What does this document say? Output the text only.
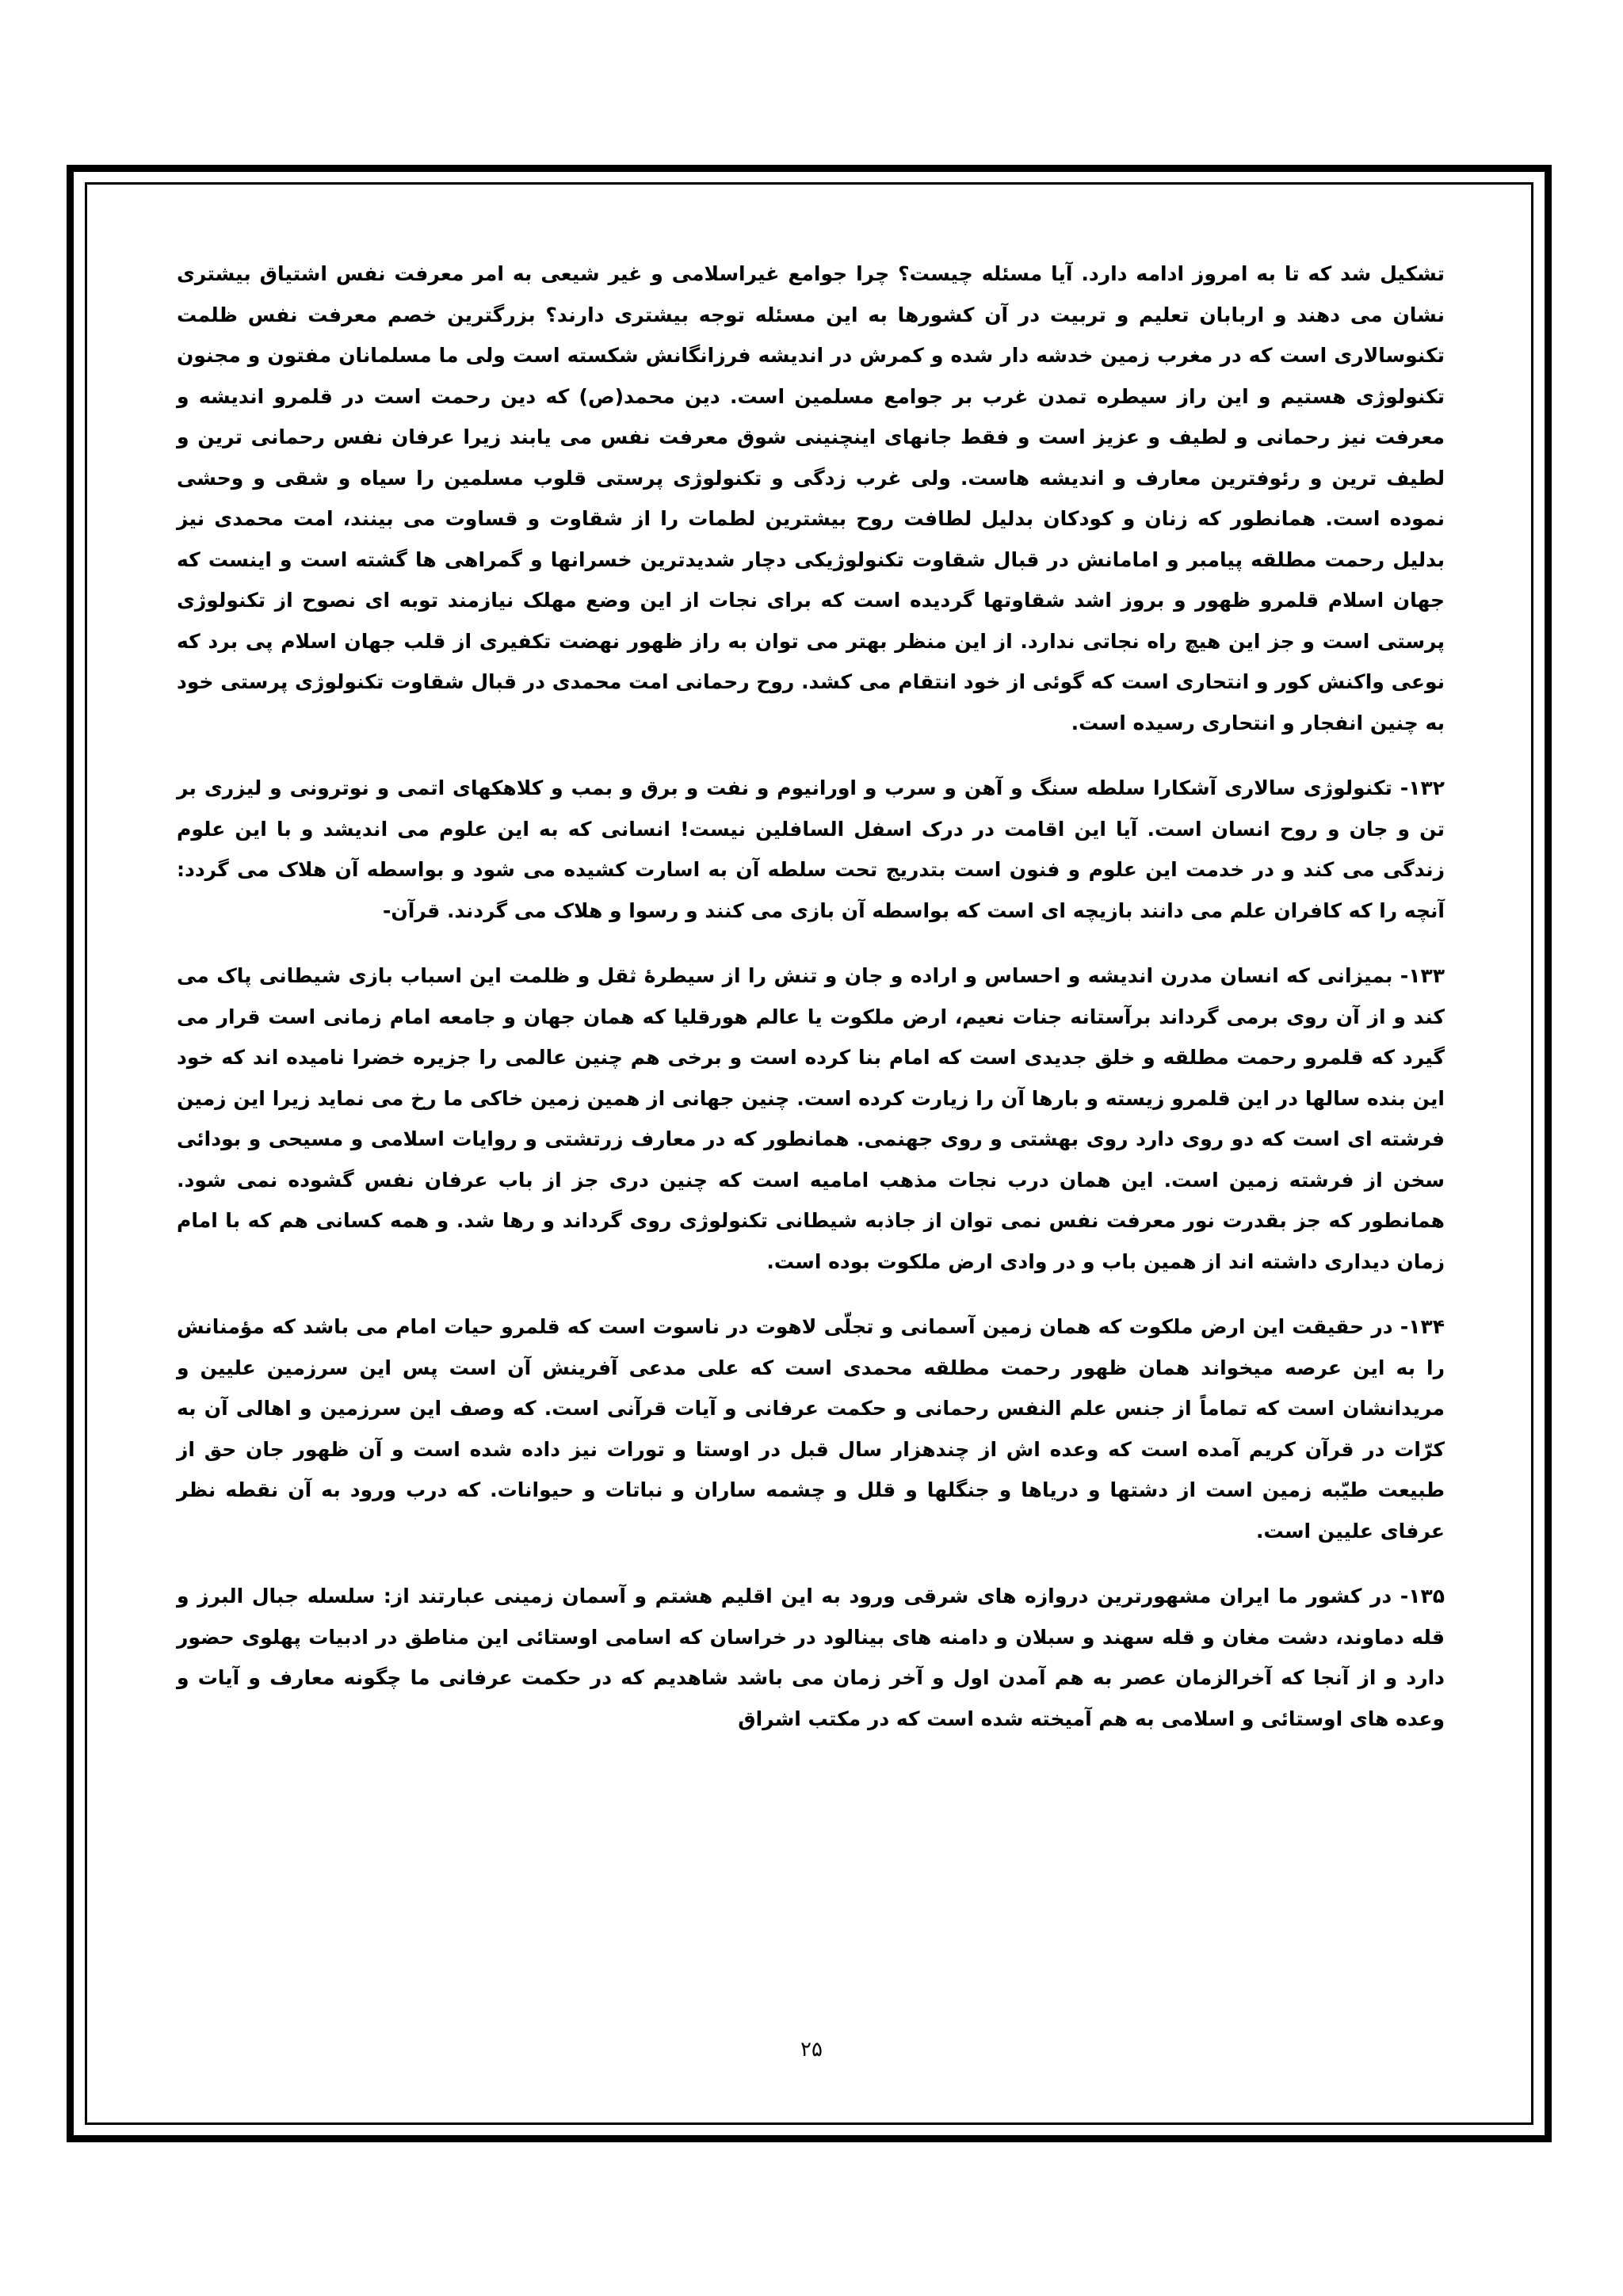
تشکیل شد که تا به امروز ادامه دارد. آیا مسئله چیست؟ چرا جوامع غیراسلامی و غیر شیعی به امر معرفت نفس اشتیاق بیشتری نشان می دهند و اربابان تعلیم و تربیت در آن کشورها به این مسئله توجه بیشتری دارند؟ بزرگترین خصم معرفت نفس ظلمت تکنوسالاری است که در مغرب زمین خدشه دار شده و کمرش در اندیشه فرزانگانش شکسته است ولی ما مسلمانان مفتون و مجنون تکنولوژی هستیم و این راز سیطره تمدن غرب بر جوامع مسلمین است. دین محمد(ص) که دین رحمت است در قلمرو اندیشه و معرفت نیز رحمانی و لطیف و عزیز است و فقط جانهای اینچنینی شوق معرفت نفس می یابند زیرا عرفان نفس رحمانی ترین و لطیف ترین و رئوفترین معارف و اندیشه هاست. ولی غرب زدگی و تکنولوژی پرستی قلوب مسلمین را سیاه و شقی و وحشی نموده است. همانطور که زنان و کودکان بدلیل لطافت روح بیشترین لطمات را از شقاوت و قساوت می بینند، امت محمدی نیز بدلیل رحمت مطلقه پیامبر و امامانش در قبال شقاوت تکنولوژیکی دچار شدیدترین خسرانها و گمراهی ها گشته است و اینست که جهان اسلام قلمرو ظهور و بروز اشد شقاوتها گردیده است که برای نجات از این وضع مهلک نیازمند توبه ای نصوح از تکنولوژی پرستی است و جز این هیچ راه نجاتی ندارد. از این منظر بهتر می توان به راز ظهور نهضت تکفیری از قلب جهان اسلام پی برد که نوعی واکنش کور و انتحاری است که گوئی از خود انتقام می کشد. روح رحمانی امت محمدی در قبال شقاوت تکنولوژی پرستی خود به چنین انفجار و انتحاری رسیده است.

۱۳۲- تکنولوژی سالاری آشکارا سلطه سنگ و آهن و سرب و اورانیوم و نفت و برق و بمب و کلاهکهای اتمی و نوترونی و لیزری بر تن و جان و روح انسان است. آیا این اقامت در درک اسفل السافلین نیست! انسانی که به این علوم می اندیشد و با این علوم زندگی می کند و در خدمت این علوم و فنون است بتدریج تحت سلطه آن به اسارت کشیده می شود و بواسطه آن هلاک می گردد: آنچه را که کافران علم می دانند بازیچه ای است که بواسطه آن بازی می کنند و رسوا و هلاک می گردند. قرآن-

۱۳۳- بمیزانی که انسان مدرن اندیشه و احساس و اراده و جان و تنش را از سیطرهٔ ثقل و ظلمت این اسباب بازی شیطانی پاک می کند و از آن روی برمی گرداند برآستانه جنات نعیم، ارض ملکوت یا عالم هورقلیا که همان جهان و جامعه امام زمانی است قرار می گیرد که قلمرو رحمت مطلقه و خلق جدیدی است که امام بنا کرده است و برخی هم چنین عالمی را جزیره خضرا نامیده اند که خود این بنده سالها در این قلمرو زیسته و بارها آن را زیارت کرده است. چنین جهانی از همین زمین خاکی ما رخ می نماید زیرا این زمین فرشته ای است که دو روی دارد روی بهشتی و روی جهنمی. همانطور که در معارف زرتشتی و روایات اسلامی و مسیحی و بودائی سخن از فرشته زمین است. این همان درب نجات مذهب امامیه است که چنین دری جز از باب عرفان نفس گشوده نمی شود. همانطور که جز بقدرت نور معرفت نفس نمی توان از جاذبه شیطانی تکنولوژی روی گرداند و رها شد. و همه کسانی هم که با امام زمان دیداری داشته اند از همین باب و در وادی ارض ملکوت بوده است.

۱۳۴- در حقیقت این ارض ملکوت که همان زمین آسمانی و تجلّی لاهوت در ناسوت است که قلمرو حیات امام می باشد که مؤمنانش را به این عرصه میخواند همان ظهور رحمت مطلقه محمدی است که علی مدعی آفرینش آن است پس این سرزمین علیین و مریدانشان است که تماماً از جنس علم النفس رحمانی و حکمت عرفانی و آیات قرآنی است. که وصف این سرزمین و اهالی آن به کرّات در قرآن کریم آمده است که وعده اش از چندهزار سال قبل در اوستا و تورات نیز داده شده است و آن ظهور جان حق از طبیعت طیّبه زمین است از دشتها و دریاها و جنگلها و قلل و چشمه ساران و نباتات و حیوانات. که درب ورود به آن نقطه نظر عرفای علیین است.

۱۳۵- در کشور ما ایران مشهورترین دروازه های شرقی ورود به این اقلیم هشتم و آسمان زمینی عبارتند از: سلسله جبال البرز و قله دماوند، دشت مغان و قله سهند و سبلان و دامنه های بینالود در خراسان که اسامی اوستائی این مناطق در ادبیات پهلوی حضور دارد و از آنجا که آخرالزمان عصر به هم آمدن اول و آخر زمان می باشد شاهدیم که در حکمت عرفانی ما چگونه معارف و آیات و وعده های اوستائی و اسلامی به هم آمیخته شده است که در مکتب اشراق

۲۵
